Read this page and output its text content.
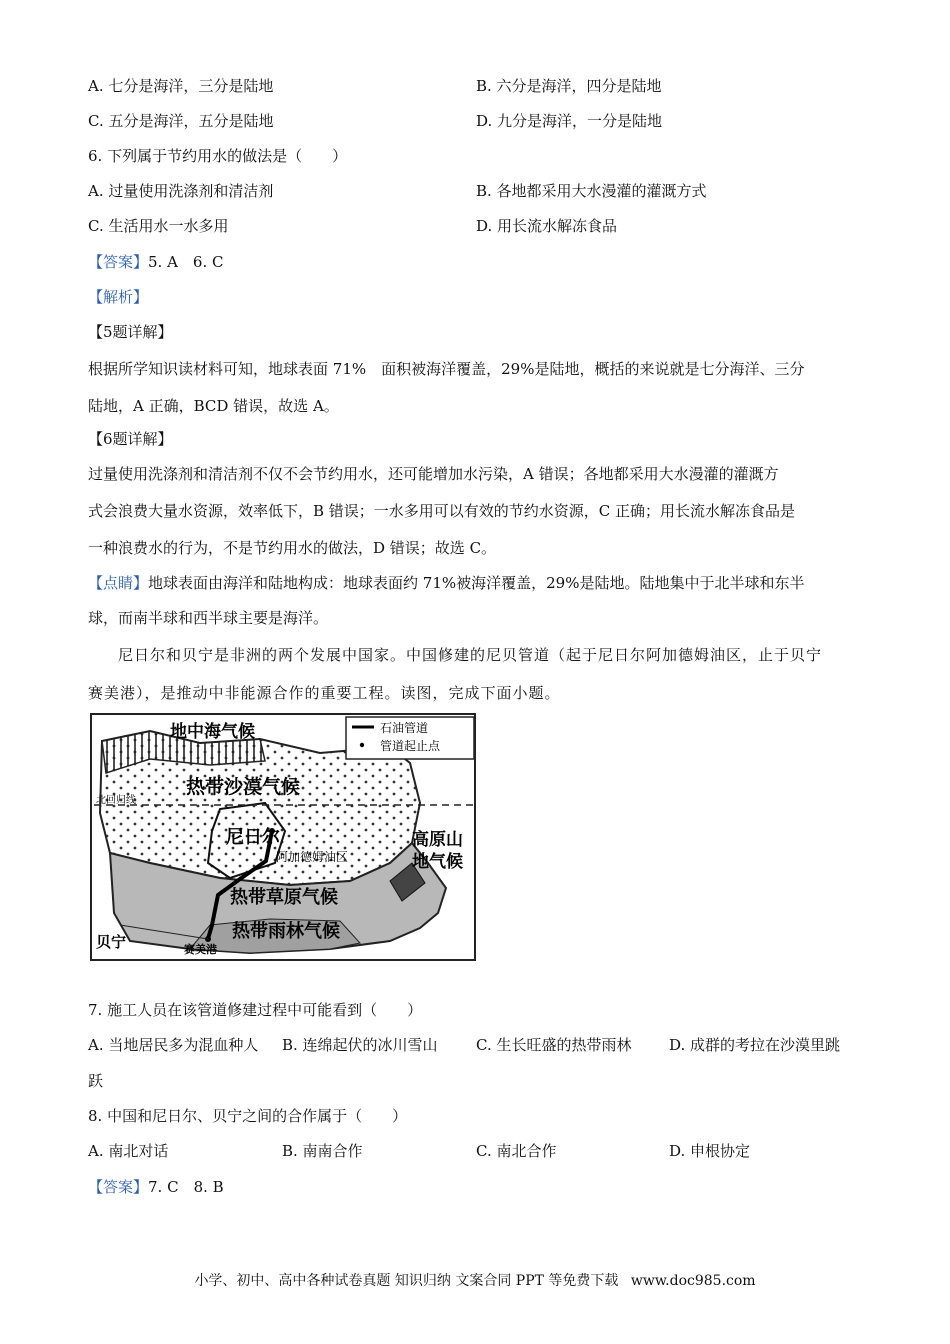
A. 七分是海洋，三分是陆地	B. 六分是海洋，四分是陆地
C. 五分是海洋，五分是陆地	D. 九分是海洋，一分是陆地
6. 下列属于节约用水的做法是（　　）
A. 过量使用洗涤剂和清洁剂	B. 各地都采用大水漫灌的灌溉方式
C. 生活用水一水多用	D. 用长流水解冻食品
【答案】5. A　6. C
【解析】
【5题详解】
根据所学知识读材料可知，地球表面 71%　面积被海洋覆盖，29%是陆地，概括的来说就是七分海洋、三分
陆地，A 正确，BCD 错误，故选 A。
【6题详解】
过量使用洗涤剂和清洁剂不仅不会节约用水，还可能增加水污染，A 错误；各地都采用大水漫灌的灌溉方
式会浪费大量水资源，效率低下，B 错误；一水多用可以有效的节约水资源，C 正确；用长流水解冻食品是
一种浪费水的行为，不是节约用水的做法，D 错误；故选 C。
【点睛】地球表面由海洋和陆地构成：地球表面约 71%被海洋覆盖，29%是陆地。陆地集中于北半球和东半
球，而南半球和西半球主要是海洋。
尼日尔和贝宁是非洲的两个发展中国家。中国修建的尼贝管道（起于尼日尔阿加德姆油区，止于贝宁
赛美港），是推动中非能源合作的重要工程。读图，完成下面小题。
石油管道
管道起止点
地中海气候
热带沙漠气候
北回归线
尼日尔
阿加德姆油区
高原山 地气候
热带草原气候
热带雨林气候
贝宁	赛美港
7. 施工人员在该管道修建过程中可能看到（　　）
A. 当地居民多为混血种人 B. 连绵起伏的冰川雪山	C. 生长旺盛的热带雨林	D. 成群的考拉在沙漠里跳
跃
8. 中国和尼日尔、贝宁之间的合作属于（　　）
A. 南北对话	B. 南南合作	C. 南北合作	D. 申根协定
【答案】7. C　8. B
小学、初中、高中各种试卷真题 知识归纳 文案合同 PPT 等免费下载 www.doc985.com
